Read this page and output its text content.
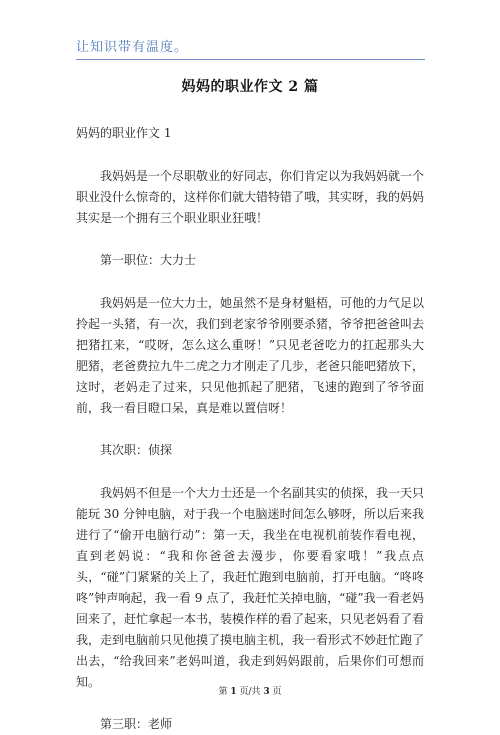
让知识带有温度。
妈妈的职业作文 2 篇

妈妈的职业作文 1

我妈妈是一个尽职敬业的好同志，你们肯定以为我妈妈就一个职业没什么惊奇的，这样你们就大错特错了哦，其实呀，我的妈妈其实是一个拥有三个职业职业狂哦！

第一职位：大力士

我妈妈是一位大力士，她虽然不是身材魁梧，可他的力气足以拎起一头猪，有一次，我们到老家爷爷刚要杀猪，爷爷把爸爸叫去把猪扛来，“哎呀，怎么这么重呀！”只见老爸吃力的扛起那头大肥猪，老爸费拉九牛二虎之力才刚走了几步，老爸只能吧猪放下，这时，老妈走了过来，只见他抓起了肥猪，飞速的跑到了爷爷面前，我一看目瞪口呆，真是难以置信呀！

其次职：侦探

我妈妈不但是一个大力士还是一个名副其实的侦探，我一天只能玩 30 分钟电脑，对于我一个电脑迷时间怎么够呀，所以后来我进行了“偷开电脑行动”：第一天，我坐在电视机前装作看电视，直到老妈说：“我和你爸爸去漫步，你要看家哦！”我点点头，“碰”门紧紧的关上了，我赶忙跑到电脑前，打开电脑。“咚咚咚”钟声响起，我一看 9 点了，我赶忙关掉电脑，“碰”我一看老妈回来了，赶忙拿起一本书，装模作样的看了起来，只见老妈看了看我，走到电脑前只见他摸了摸电脑主机，我一看形式不妙赶忙跑了出去，“给我回来”老妈叫道，我走到妈妈跟前，后果你们可想而知。

第三职：老师

第 1 页/共 3 页
